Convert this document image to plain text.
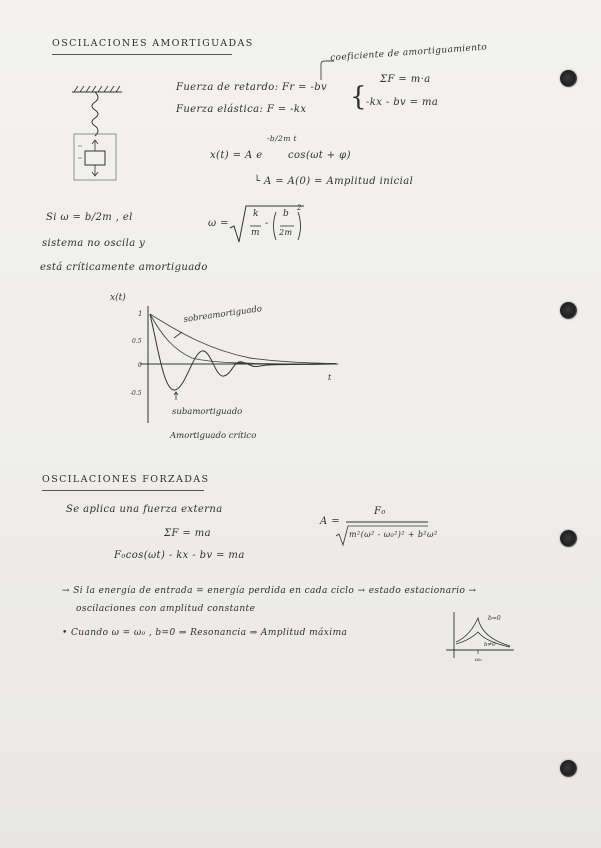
OSCILACIONES AMORTIGUADAS	coeficiente de amortiguamiento
Fuerza de retardo: Fr = -bv
Fuerza elástica: F = -kx {
ΣF = m·a
-kx - bv = ma
-b/2m t
x(t) = A e	cos(ωt + φ)
└ A = A(0) = Amplitud inicial
Si ω = b/2m , el
sistema no oscila y
está críticamente amortiguado
ω =
k
m
-
b
2m
2
x(t)
t
1
0.5
0
-0.5
sobreamortiguado
subamortiguado
Amortiguado crítico
OSCILACIONES FORZADAS
Se aplica una fuerza externa
ΣF = ma
F₀cos(ωt) - kx - bv = ma
A =
F₀
m²(ω² - ω₀²)² + b²ω²
→ Si la energía de entrada = energía perdida en cada ciclo → estado estacionario →
oscilaciones con amplitud constante
• Cuando ω = ω₀ , b=0 ⇒ Resonancia ⇒ Amplitud máxima
b=0
b≠0
ω₀
